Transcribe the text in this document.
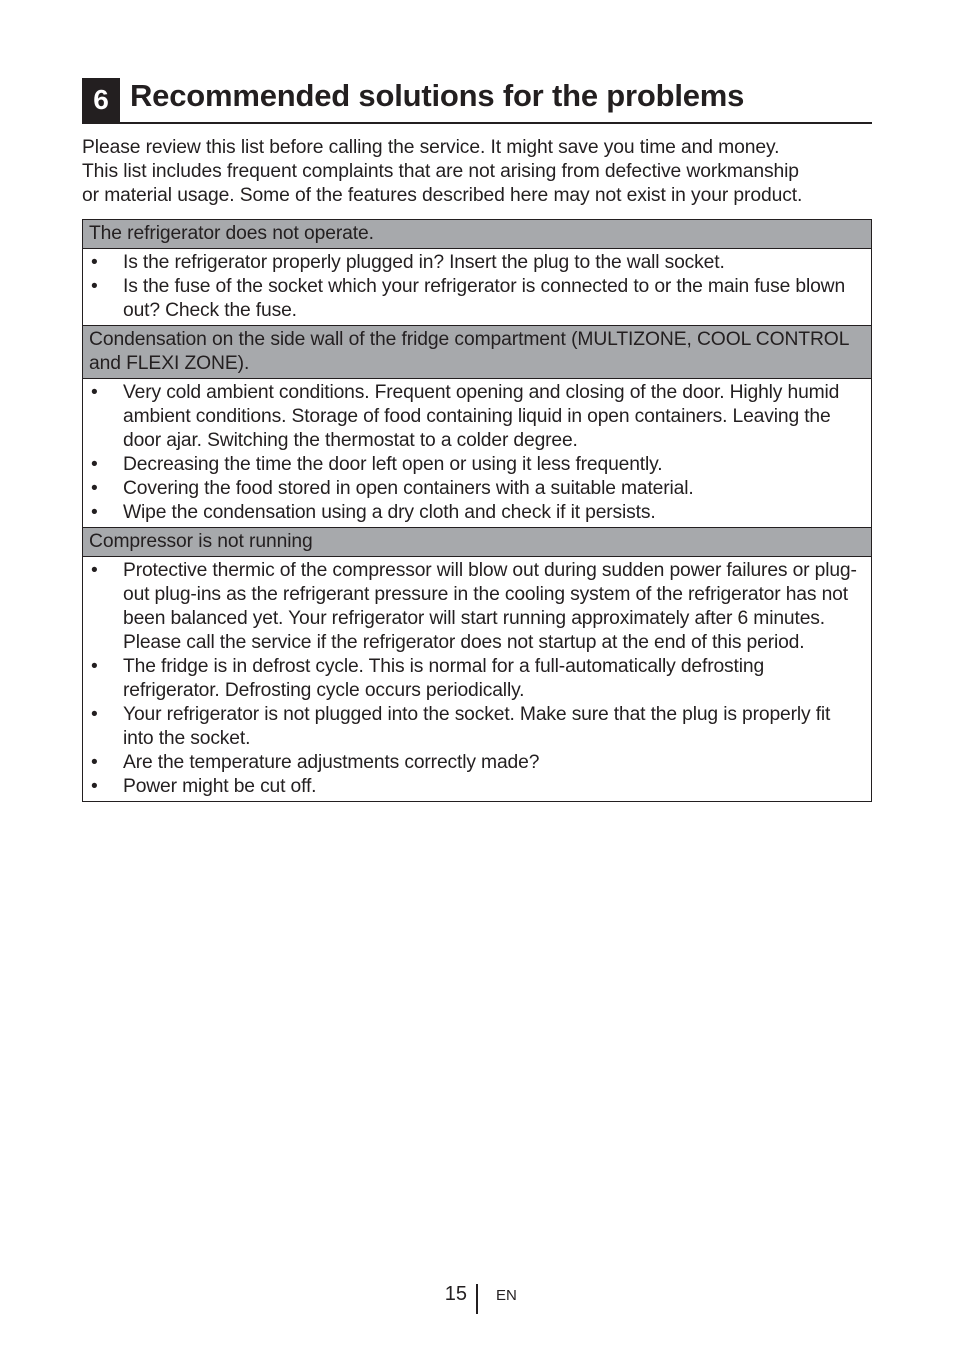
6 Recommended solutions for the problems

Please review this list before calling the service. It might save you time and money.

This list includes frequent complaints that are not arising from defective workmanship

or material usage. Some of the features described here may not exist in your product.

The refrigerator does not operate.
•	Is the refrigerator properly plugged in? Insert the plug to the wall socket.
•	Is the fuse of the socket which your refrigerator is connected to or the main fuse blown out? Check the fuse.
Condensation on the side wall of the fridge compartment (MULTIZONE, COOL CONTROL and FLEXI ZONE).
•	Very cold ambient conditions. Frequent opening and closing of the door. Highly humid ambient conditions. Storage of food containing liquid in open containers. Leaving the door ajar. Switching the thermostat to a colder degree.
•	Decreasing the time the door left open or using it less frequently.
•	Covering the food stored in open containers with a suitable material.
•	Wipe the condensation using a dry cloth and check if it persists.
Compressor is not running
•	Protective thermic of the compressor will blow out during sudden power failures or plug-out plug-ins as the refrigerant pressure in the cooling system of the refrigerator has not been balanced yet. Your refrigerator will start running approximately after 6 minutes. Please call the service if the refrigerator does not startup at the end of this period.
•	The fridge is in defrost cycle. This is normal for a full-automatically defrosting refrigerator. Defrosting cycle occurs periodically.
•	Your refrigerator is not plugged into the socket. Make sure that the plug is properly fit into the socket.
•	Are the temperature adjustments correctly made?
•	Power might be cut off.
15 EN
